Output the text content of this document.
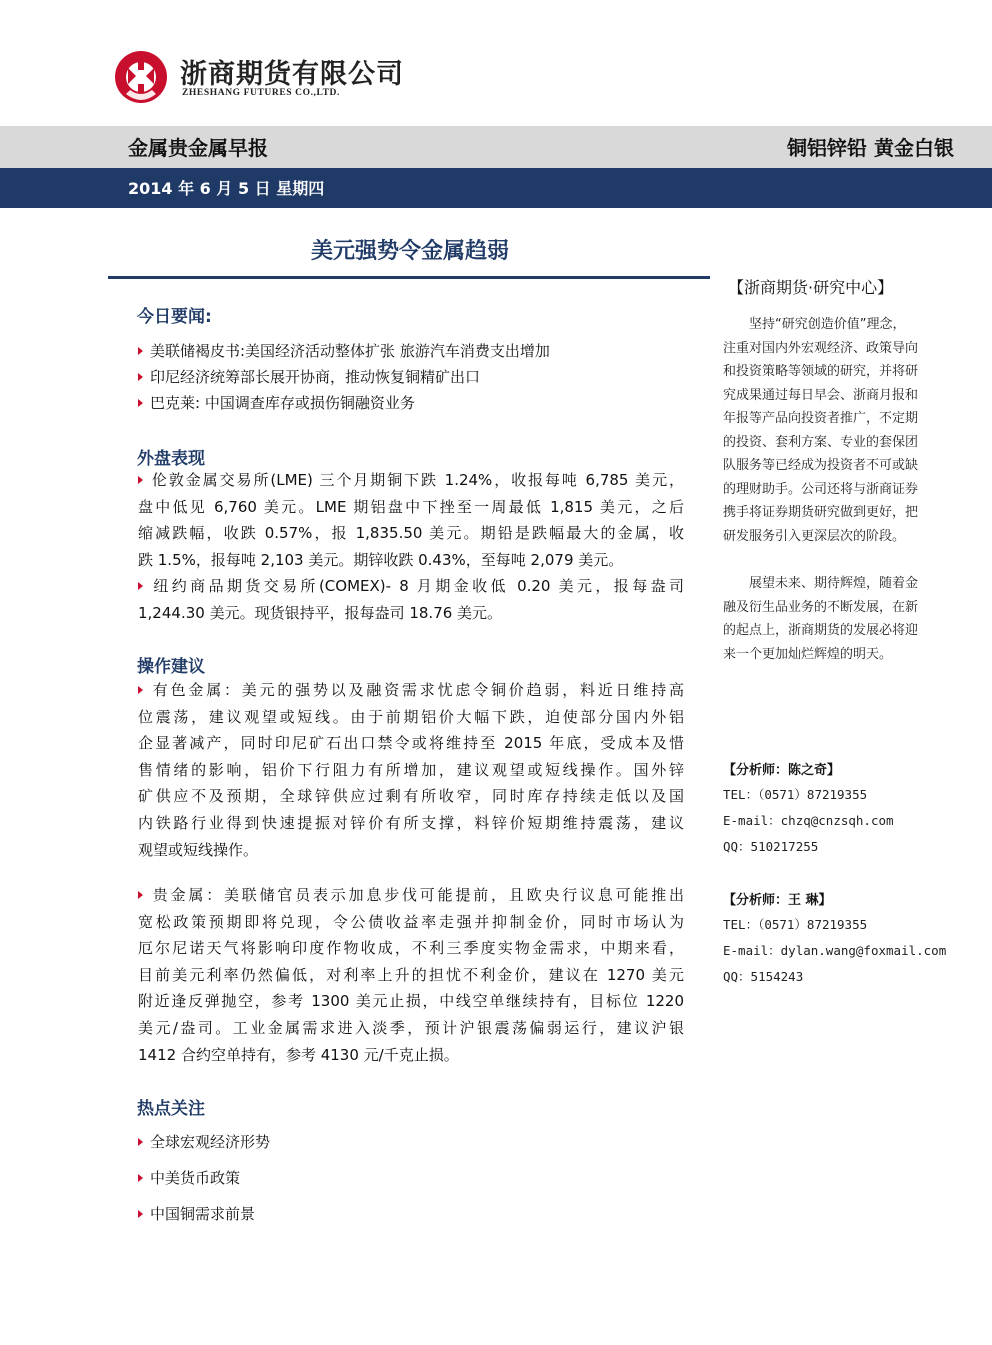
浙商期货有限公司
ZHESHANG FUTURES CO.,LTD.
金属贵金属早报	铜铝锌铅 黄金白银
2014 年 6 月 5 日 星期四
美元强势令金属趋弱
今日要闻:
美联储褐皮书:美国经济活动整体扩张 旅游汽车消费支出增加
印尼经济统筹部长展开协商，推动恢复铜精矿出口
巴克莱: 中国调查库存或损伤铜融资业务
外盘表现
伦敦金属交易所(LME) 三个月期铜下跌 1.24%，收报每吨 6,785 美元，
盘中低见 6,760 美元。LME 期铝盘中下挫至一周最低 1,815 美元，之后
缩减跌幅，收跌 0.57%，报 1,835.50 美元。期铅是跌幅最大的金属，收
跌 1.5%，报每吨 2,103 美元。期锌收跌 0.43%，至每吨 2,079 美元。
纽约商品期货交易所(COMEX)- 8 月期金收低 0.20 美元，报每盎司
1,244.30 美元。现货银持平，报每盎司 18.76 美元。
操作建议
有色金属：美元的强势以及融资需求忧虑令铜价趋弱，料近日维持高
位震荡，建议观望或短线。由于前期铝价大幅下跌，迫使部分国内外铝
企显著减产，同时印尼矿石出口禁令或将维持至 2015 年底，受成本及惜
售情绪的影响，铝价下行阻力有所增加，建议观望或短线操作。国外锌
矿供应不及预期，全球锌供应过剩有所收窄，同时库存持续走低以及国
内铁路行业得到快速提振对锌价有所支撑，料锌价短期维持震荡，建议
观望或短线操作。
贵金属：美联储官员表示加息步伐可能提前，且欧央行议息可能推出
宽松政策预期即将兑现，令公债收益率走强并抑制金价，同时市场认为
厄尔尼诺天气将影响印度作物收成，不利三季度实物金需求，中期来看，
目前美元利率仍然偏低，对利率上升的担忧不利金价，建议在 1270 美元
附近逢反弹抛空，参考 1300 美元止损，中线空单继续持有，目标位 1220
美元/盎司。工业金属需求进入淡季，预计沪银震荡偏弱运行，建议沪银
1412 合约空单持有，参考 4130 元/千克止损。
热点关注
全球宏观经济形势
中美货币政策
中国铜需求前景
【浙商期货·研究中心】
　　坚持“研究创造价值”理念，
注重对国内外宏观经济、政策导向
和投资策略等领域的研究，并将研
究成果通过每日早会、浙商月报和
年报等产品向投资者推广，不定期
的投资、套利方案、专业的套保团
队服务等已经成为投资者不可或缺
的理财助手。公司还将与浙商证券
携手将证券期货研究做到更好，把
研发服务引入更深层次的阶段。
　　展望未来、期待辉煌，随着金
融及衍生品业务的不断发展，在新
的起点上，浙商期货的发展必将迎
来一个更加灿烂辉煌的明天。
【分析师：陈之奇】
TEL：（0571）87219355
E-mail：chzq@cnzsqh.com
QQ：510217255
【分析师：王 琳】
TEL：（0571）87219355
E-mail：dylan.wang@foxmail.com
QQ：5154243
